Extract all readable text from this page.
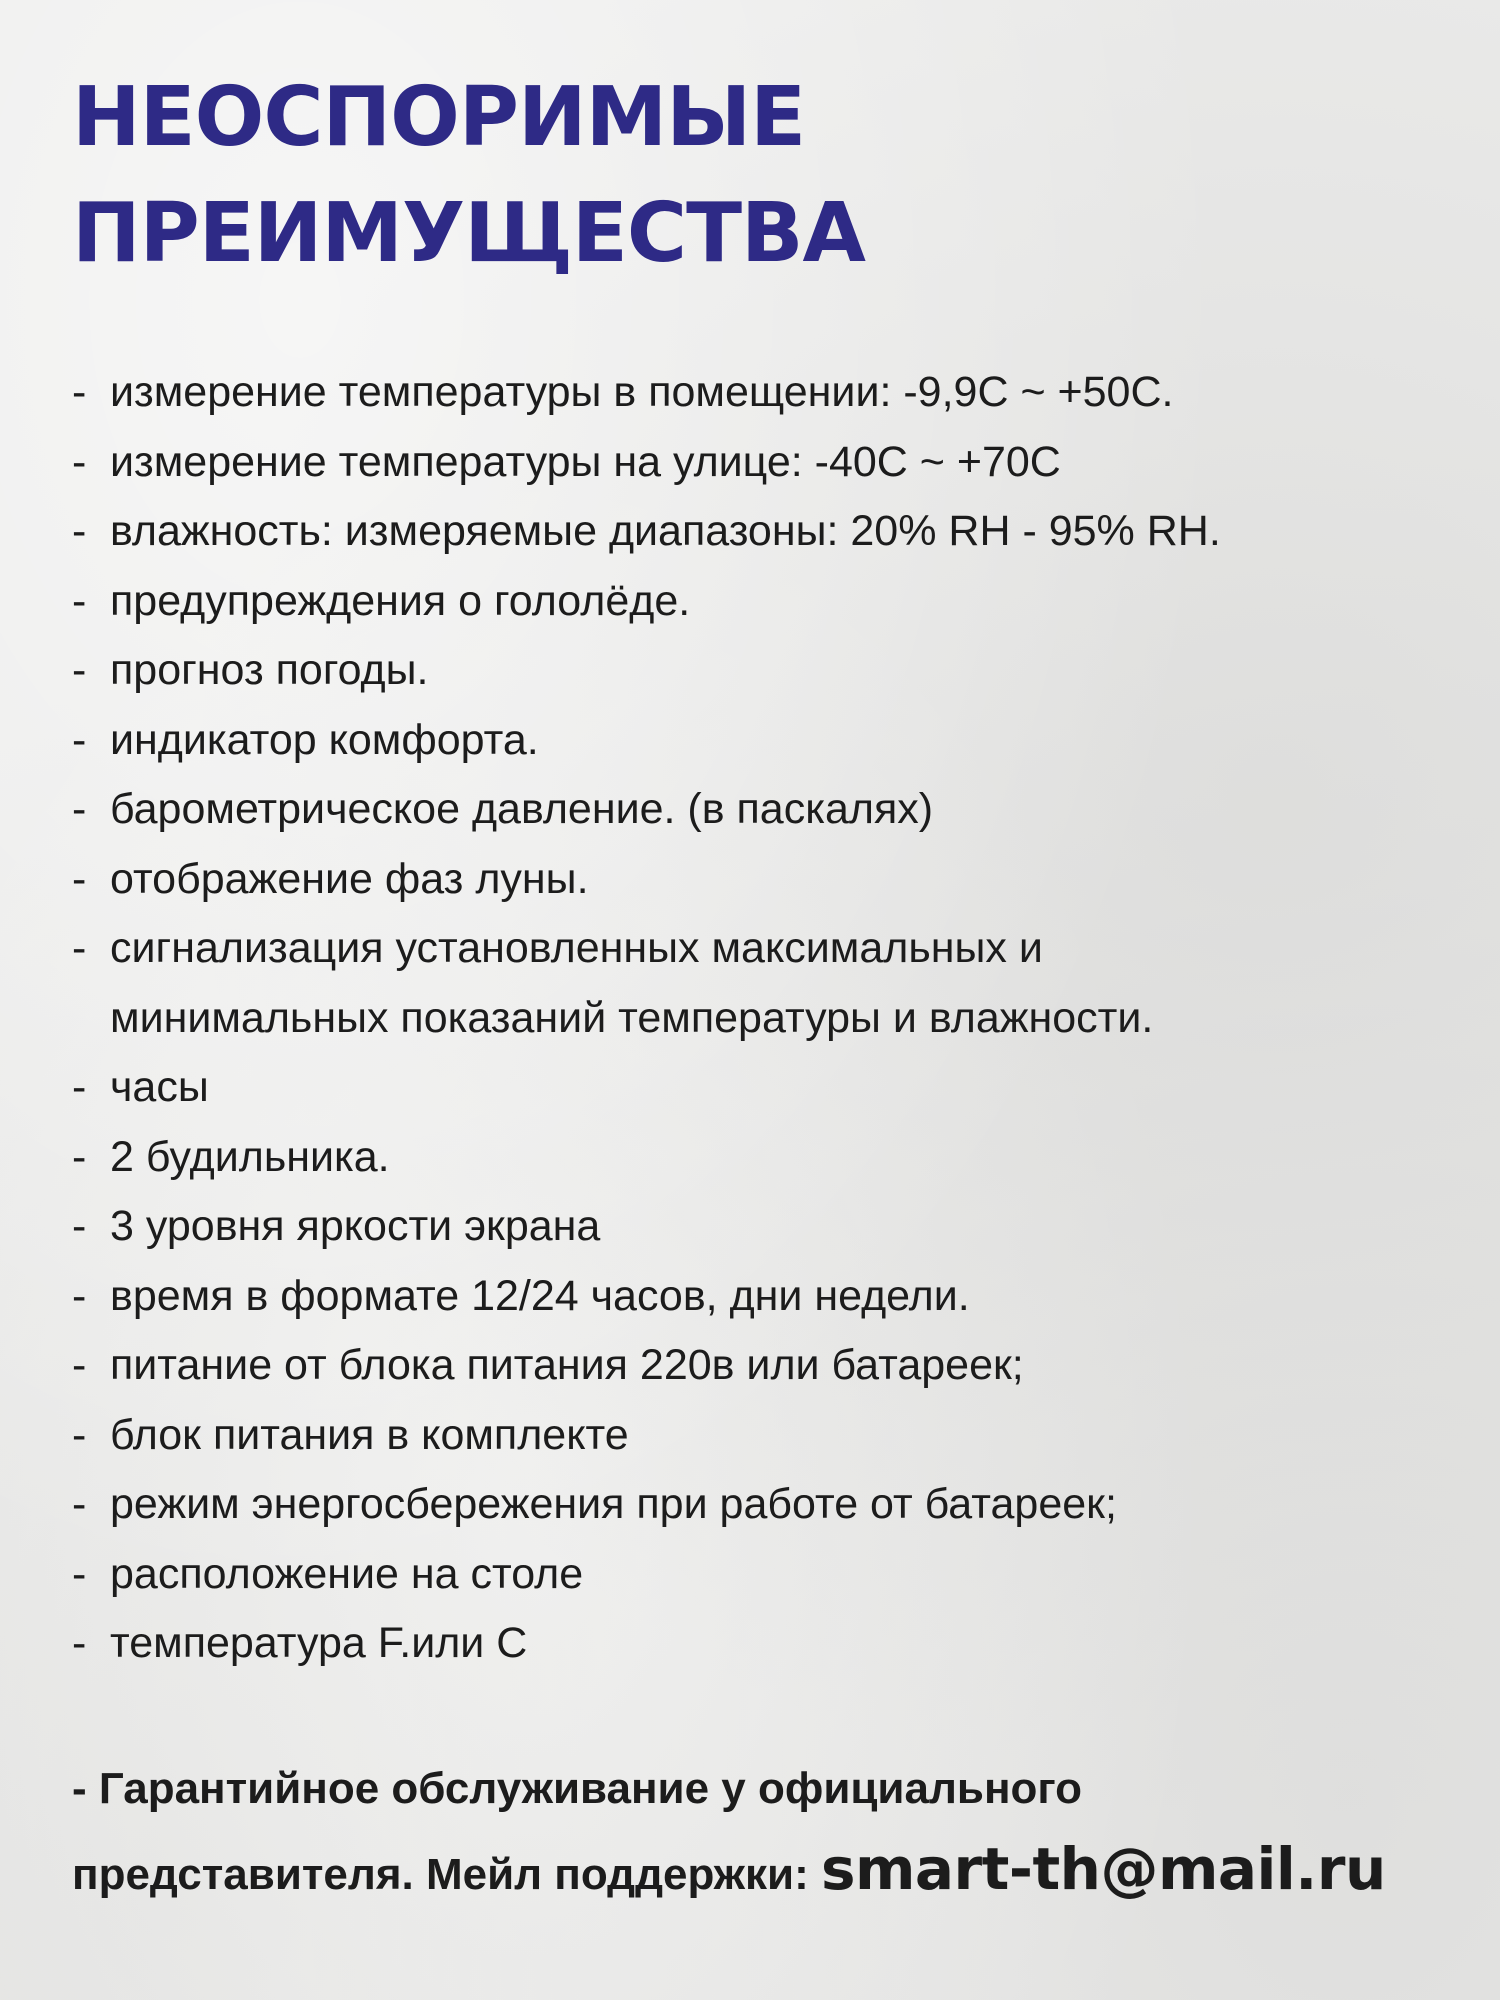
НЕОСПОРИМЫЕ
ПРЕИМУЩЕСТВА
- измерение температуры в помещении: -9,9С ~ +50С.
- измерение температуры на улице: -40С ~ +70С
- влажность: измеряемые диапазоны: 20% RH - 95% RH.
- предупреждения о гололёде.
- прогноз погоды.
- индикатор комфорта.
- барометрическое давление. (в паскалях)
- отображение фаз луны.
- сигнализация установленных максимальных и
минимальных показаний температуры и влажности.
- часы
- 2 будильника.
- 3 уровня яркости экрана
- время в формате 12/24 часов, дни недели.
- питание от блока питания 220в или батареек;
- блок питания в комплекте
- режим энергосбережения при работе от батареек;
- расположение на столе
- температура F.или С
- Гарантийное обслуживание у официального
представителя. Мейл поддержки: smart-th@mail.ru
